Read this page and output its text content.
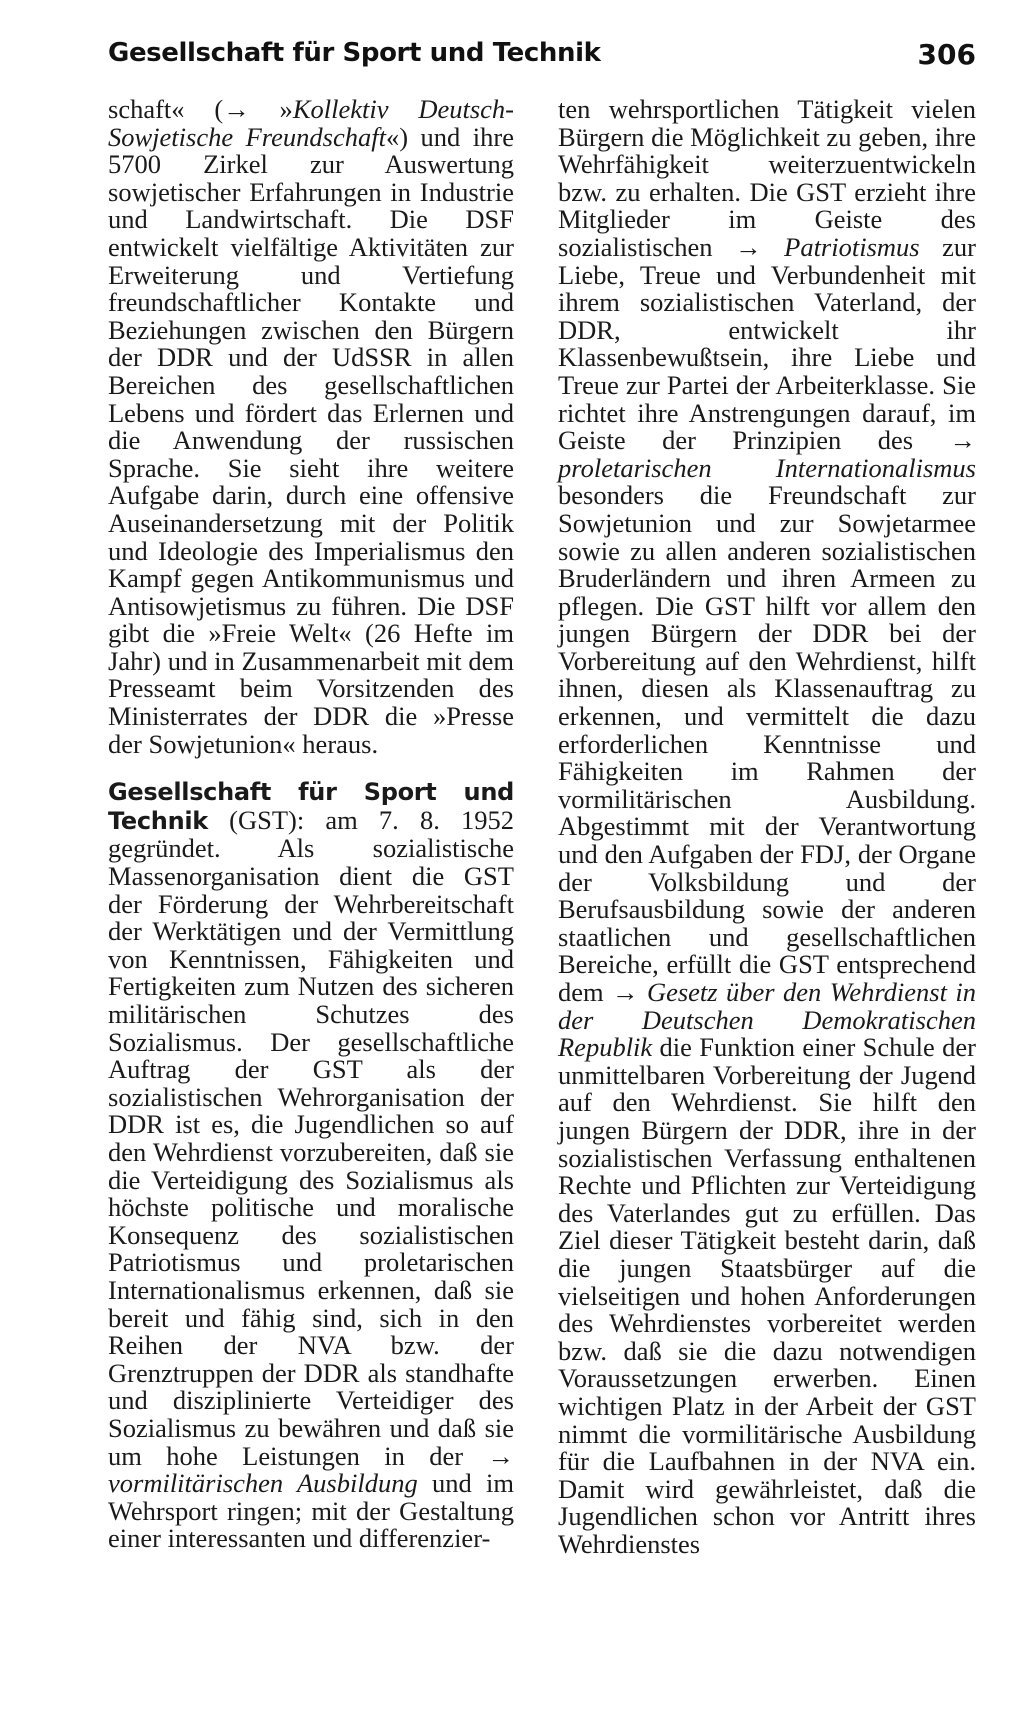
Gesellschaft für Sport und Technik	306

schaft« (→ »Kollektiv Deutsch-Sowjetische Freundschaft«) und ihre 5700 Zirkel zur Auswertung sowjetischer Erfahrungen in Industrie und Landwirtschaft. Die DSF entwickelt vielfältige Aktivitäten zur Erweiterung und Vertiefung freundschaftlicher Kontakte und Beziehungen zwischen den Bürgern der DDR und der UdSSR in allen Bereichen des gesellschaftlichen Lebens und fördert das Erlernen und die Anwendung der russischen Sprache. Sie sieht ihre weitere Aufgabe darin, durch eine offensive Auseinandersetzung mit der Politik und Ideologie des Imperialismus den Kampf gegen Antikommunismus und Antisowjetismus zu führen. Die DSF gibt die »Freie Welt« (26 Hefte im Jahr) und in Zusammenarbeit mit dem Presseamt beim Vorsitzenden des Ministerrates der DDR die »Presse der Sowjetunion« heraus.

Gesellschaft für Sport und Technik (GST): am 7. 8. 1952 gegründet. Als sozialistische Massenorganisation dient die GST der Förderung der Wehrbereitschaft der Werktätigen und der Vermittlung von Kenntnissen, Fähigkeiten und Fertigkeiten zum Nutzen des sicheren militärischen Schutzes des Sozialismus. Der gesellschaftliche Auftrag der GST als der sozialistischen Wehrorganisation der DDR ist es, die Jugendlichen so auf den Wehrdienst vorzubereiten, daß sie die Verteidigung des Sozialismus als höchste politische und moralische Konsequenz des sozialistischen Patriotismus und proletarischen Internationalismus erkennen, daß sie bereit und fähig sind, sich in den Reihen der NVA bzw. der Grenztruppen der DDR als standhafte und disziplinierte Verteidiger des Sozialismus zu bewähren und daß sie um hohe Leistungen in der → vormilitärischen Ausbildung und im Wehrsport ringen; mit der Gestaltung einer interessanten und differenzier-

ten wehrsportlichen Tätigkeit vielen Bürgern die Möglichkeit zu geben, ihre Wehrfähigkeit weiterzuentwickeln bzw. zu erhalten. Die GST erzieht ihre Mitglieder im Geiste des sozialistischen → Patriotismus zur Liebe, Treue und Verbundenheit mit ihrem sozialistischen Vaterland, der DDR, entwickelt ihr Klassenbewußtsein, ihre Liebe und Treue zur Partei der Arbeiterklasse. Sie richtet ihre Anstrengungen darauf, im Geiste der Prinzipien des → proletarischen Internationalismus besonders die Freundschaft zur Sowjetunion und zur Sowjetarmee sowie zu allen anderen sozialistischen Bruderländern und ihren Armeen zu pflegen. Die GST hilft vor allem den jungen Bürgern der DDR bei der Vorbereitung auf den Wehrdienst, hilft ihnen, diesen als Klassenauftrag zu erkennen, und vermittelt die dazu erforderlichen Kenntnisse und Fähigkeiten im Rahmen der vormilitärischen Ausbildung. Abgestimmt mit der Verantwortung und den Aufgaben der FDJ, der Organe der Volksbildung und der Berufsausbildung sowie der anderen staatlichen und gesellschaftlichen Bereiche, erfüllt die GST entsprechend dem → Gesetz über den Wehrdienst in der Deutschen Demokratischen Republik die Funktion einer Schule der unmittelbaren Vorbereitung der Jugend auf den Wehrdienst. Sie hilft den jungen Bürgern der DDR, ihre in der sozialistischen Verfassung enthaltenen Rechte und Pflichten zur Verteidigung des Vaterlandes gut zu erfüllen. Das Ziel dieser Tätigkeit besteht darin, daß die jungen Staatsbürger auf die vielseitigen und hohen Anforderungen des Wehrdienstes vorbereitet werden bzw. daß sie die dazu notwendigen Voraussetzungen erwerben. Einen wichtigen Platz in der Arbeit der GST nimmt die vormilitärische Ausbildung für die Laufbahnen in der NVA ein. Damit wird gewährleistet, daß die Jugendlichen schon vor Antritt ihres Wehrdienstes
